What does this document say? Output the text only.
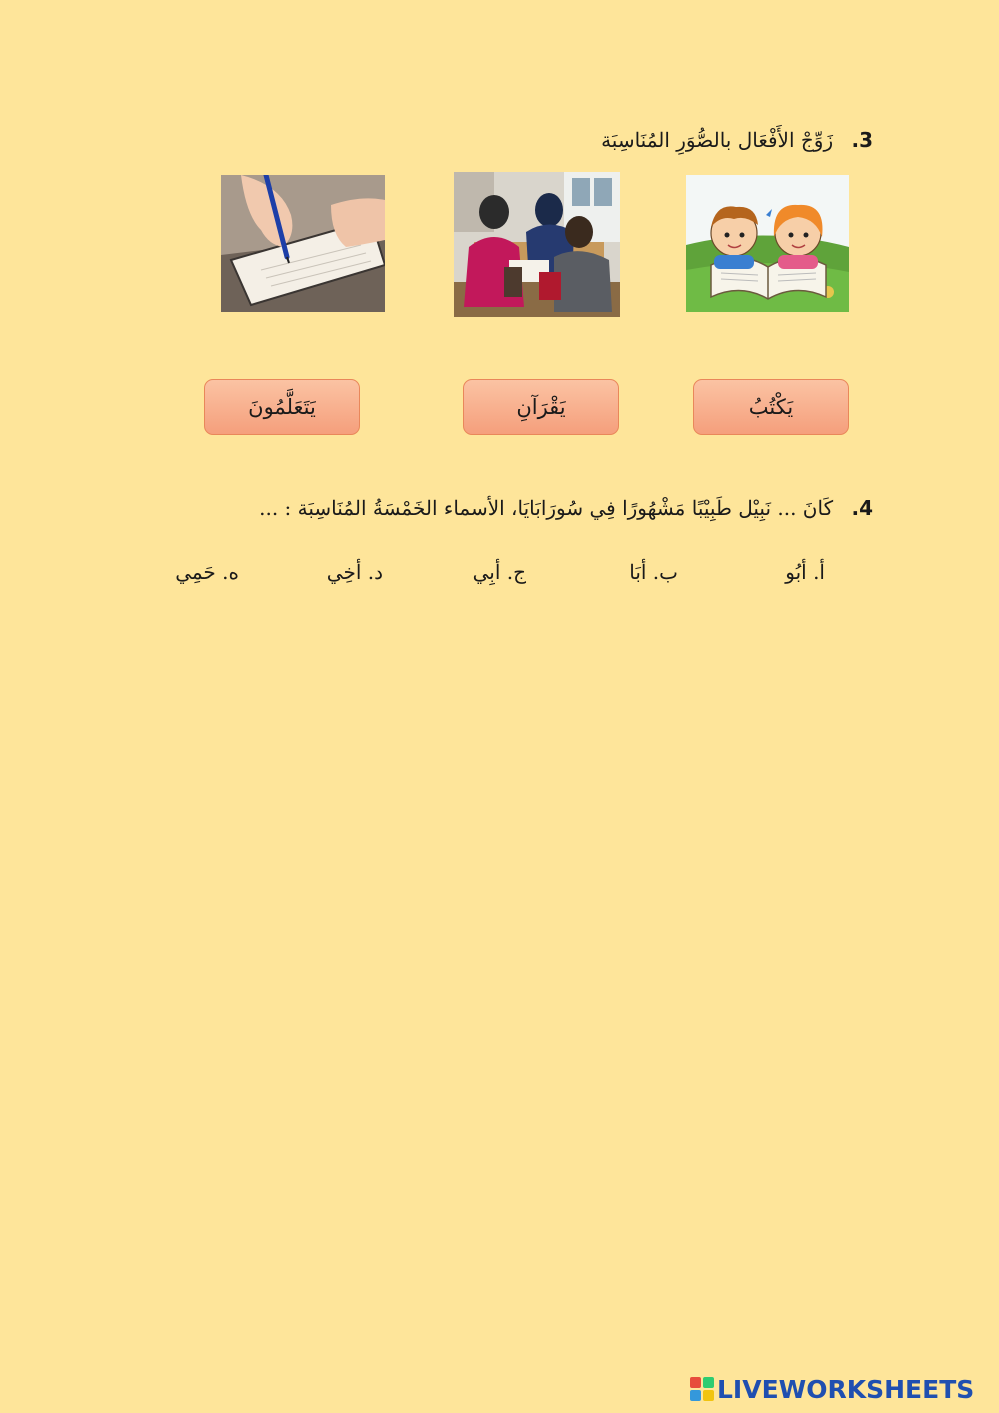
3. زَوِّجْ الأَفْعَال بالصُّوَرِ المُنَاسِبَة
يَكْتُبُ
يَقْرَآنِ
يَتَعَلَّمُونَ
4. كَانَ ... نَبِيْل طَبِيْبًا مَشْهُورًا فِي سُورَابَايَا، الأسماء الخَمْسَةُ المُنَاسِبَة : ...
أ. أبُو
ب. أبَا
ج. أبِي
د. أخِي
ه. حَمِي
LIVEWORKSHEETS
